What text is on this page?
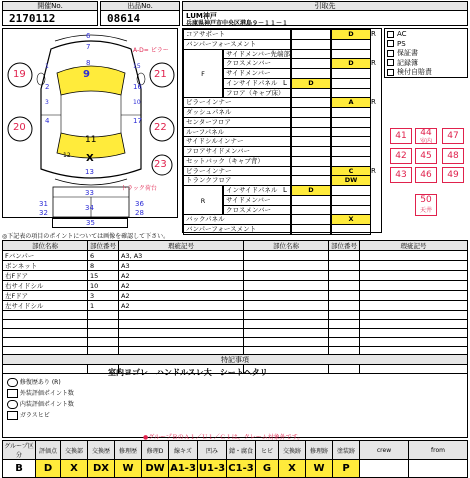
開催No.
2170112
出品No.
08614
引取先
LUM神戸
兵庫県神戸市中央区港島９－１１－１
6
7	A-D= ピラー
8
9
19	21
1
3
15
10
2
4
16
17
20	22
23
11
12 X
13
トラック荷台
33
31
32
34	36
28
35
コアサポート	D	R
バンパーフォースメント
サイドメンバー先端部
クロスメンバー	D	R
サイドメンバー
インサイドパネル	D
L
フロア（キャブ床）
ピラーインナー	A	R
ダッシュパネル
センターフロア
ルーフパネル
サイドシルインナー
フロアサイドメンバー
セットバック（キャブ背）
ピラーインナー	C	R
トランクフロア	DW
インサイドパネル	D
L
サイドメンバー
クロスメンバー
バックパネル	X
バンパーフォースメント
F
R
AC
PS
保証書
記録簿
検付自賠責
41	44
室内
47
42	45	48
43	46	49
50
天井
◎下記表の項目のポイントについては画像を確認して下さい。
部位名称	部位番号	瑕疵記号	部位名称	部位番号	瑕疵記号
Fバンパー	6	A3, A3			
ボンネット	8	A3			
右Fドア	15	A2			
右サイドシル	10	A2			
左Fドア	3	A2			
左サイドシル	1	A2			

特記事項
室内ヨゴレ　ハンドルスレ大　シートヘタリ
修復歴あり (R)
外装評価ポイント数
内装評価ポイント数
ガラスヒビ
●グループＢのＡ１／Ｕ１／Ｃ１は、クレーム対象外です。
グループ区分	評価点	交換部	交換歴	修理歴	修理D	線キズ	凹み	錆・腐食	ヒビ	交換跡	修理跡	塗装跡	crew	from
B	D	X	DX	W	DW	A1-3	U1-3	C1-3	G	X	W	P		
